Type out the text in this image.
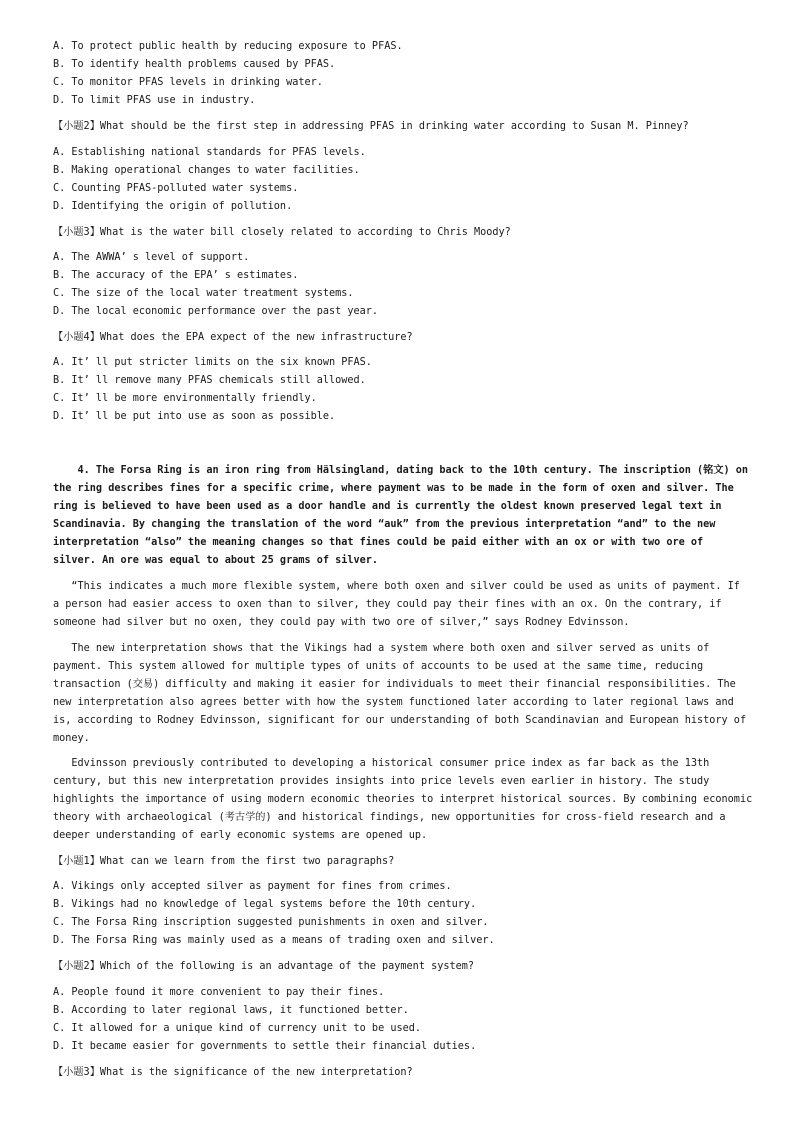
A. To protect public health by reducing exposure to PFAS.
B. To identify health problems caused by PFAS.
C. To monitor PFAS levels in drinking water.
D. To limit PFAS use in industry.
【小题2】What should be the first step in addressing PFAS in drinking water according to Susan M. Pinney?
A. Establishing national standards for PFAS levels.
B. Making operational changes to water facilities.
C. Counting PFAS-polluted water systems.
D. Identifying the origin of pollution.
【小题3】What is the water bill closely related to according to Chris Moody?
A. The AWWA’ s level of support.
B. The accuracy of the EPA’ s estimates.
C. The size of the local water treatment systems.
D. The local economic performance over the past year.
【小题4】What does the EPA expect of the new infrastructure?
A. It’ ll put stricter limits on the six known PFAS.
B. It’ ll remove many PFAS chemicals still allowed.
C. It’ ll be more environmentally friendly.
D. It’ ll be put into use as soon as possible.
4. The Forsa Ring is an iron ring from Hälsingland, dating back to the 10th century. The inscription (铭文) on
the ring describes fines for a specific crime, where payment was to be made in the form of oxen and silver. The
ring is believed to have been used as a door handle and is currently the oldest known preserved legal text in
Scandinavia. By changing the translation of the word “auk” from the previous interpretation “and” to the new
interpretation “also” the meaning changes so that fines could be paid either with an ox or with two ore of
silver. An ore was equal to about 25 grams of silver.
“This indicates a much more flexible system, where both oxen and silver could be used as units of payment. If
a person had easier access to oxen than to silver, they could pay their fines with an ox. On the contrary, if
someone had silver but no oxen, they could pay with two ore of silver,” says Rodney Edvinsson.
The new interpretation shows that the Vikings had a system where both oxen and silver served as units of
payment. This system allowed for multiple types of units of accounts to be used at the same time, reducing
transaction (交易) difficulty and making it easier for individuals to meet their financial responsibilities. The
new interpretation also agrees better with how the system functioned later according to later regional laws and
is, according to Rodney Edvinsson, significant for our understanding of both Scandinavian and European history of
money.
Edvinsson previously contributed to developing a historical consumer price index as far back as the 13th
century, but this new interpretation provides insights into price levels even earlier in history. The study
highlights the importance of using modern economic theories to interpret historical sources. By combining economic
theory with archaeological (考古学的) and historical findings, new opportunities for cross-field research and a
deeper understanding of early economic systems are opened up.
【小题1】What can we learn from the first two paragraphs?
A. Vikings only accepted silver as payment for fines from crimes.
B. Vikings had no knowledge of legal systems before the 10th century.
C. The Forsa Ring inscription suggested punishments in oxen and silver.
D. The Forsa Ring was mainly used as a means of trading oxen and silver.
【小题2】Which of the following is an advantage of the payment system?
A. People found it more convenient to pay their fines.
B. According to later regional laws, it functioned better.
C. It allowed for a unique kind of currency unit to be used.
D. It became easier for governments to settle their financial duties.
【小题3】What is the significance of the new interpretation?
